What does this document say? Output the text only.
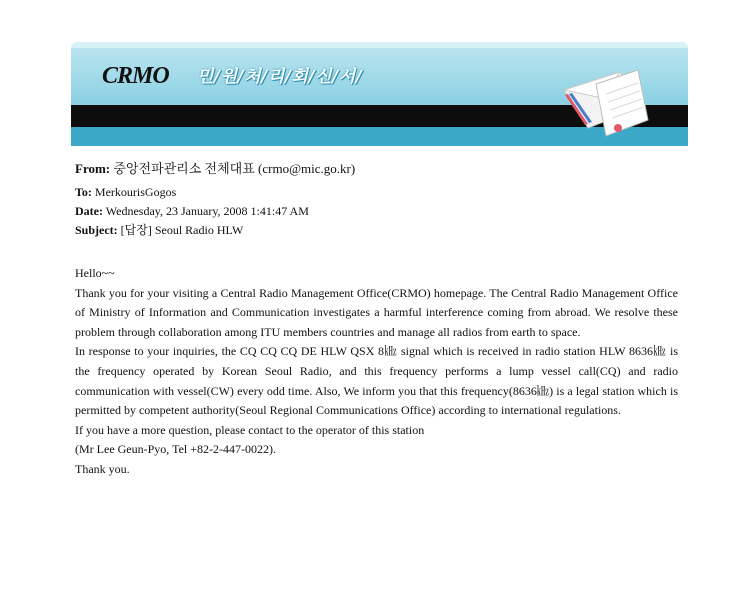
CRMO 민/원/처/리/회/신/서/
From: 중앙전파관리소 전체대표 (crmo@mic.go.kr)
To: MerkourisGogos
Date: Wednesday, 23 January, 2008 1:41:47 AM
Subject: [답장] Seoul Radio HLW

Hello~~

Thank you for your visiting a Central Radio Management Office(CRMO) homepage. The Central Radio Management Office of Ministry of Information and Communication investigates a harmful interference coming from abroad. We resolve these problem through collaboration among ITU members countries and manage all radios from earth to space.

In response to your inquiries, the CQ CQ CQ DE HLW QSX 8㎑ signal which is received in radio station HLW 8636㎑ is the frequency operated by Korean Seoul Radio, and this frequency performs a lump vessel call(CQ) and radio communication with vessel(CW) every odd time. Also, We inform you that this frequency(8636㎑) is a legal station which is permitted by competent authority(Seoul Regional Communications Office) according to international regulations.

If you have a more question, please contact to the operator of this station

(Mr Lee Geun-Pyo, Tel +82-2-447-0022).

Thank you.
